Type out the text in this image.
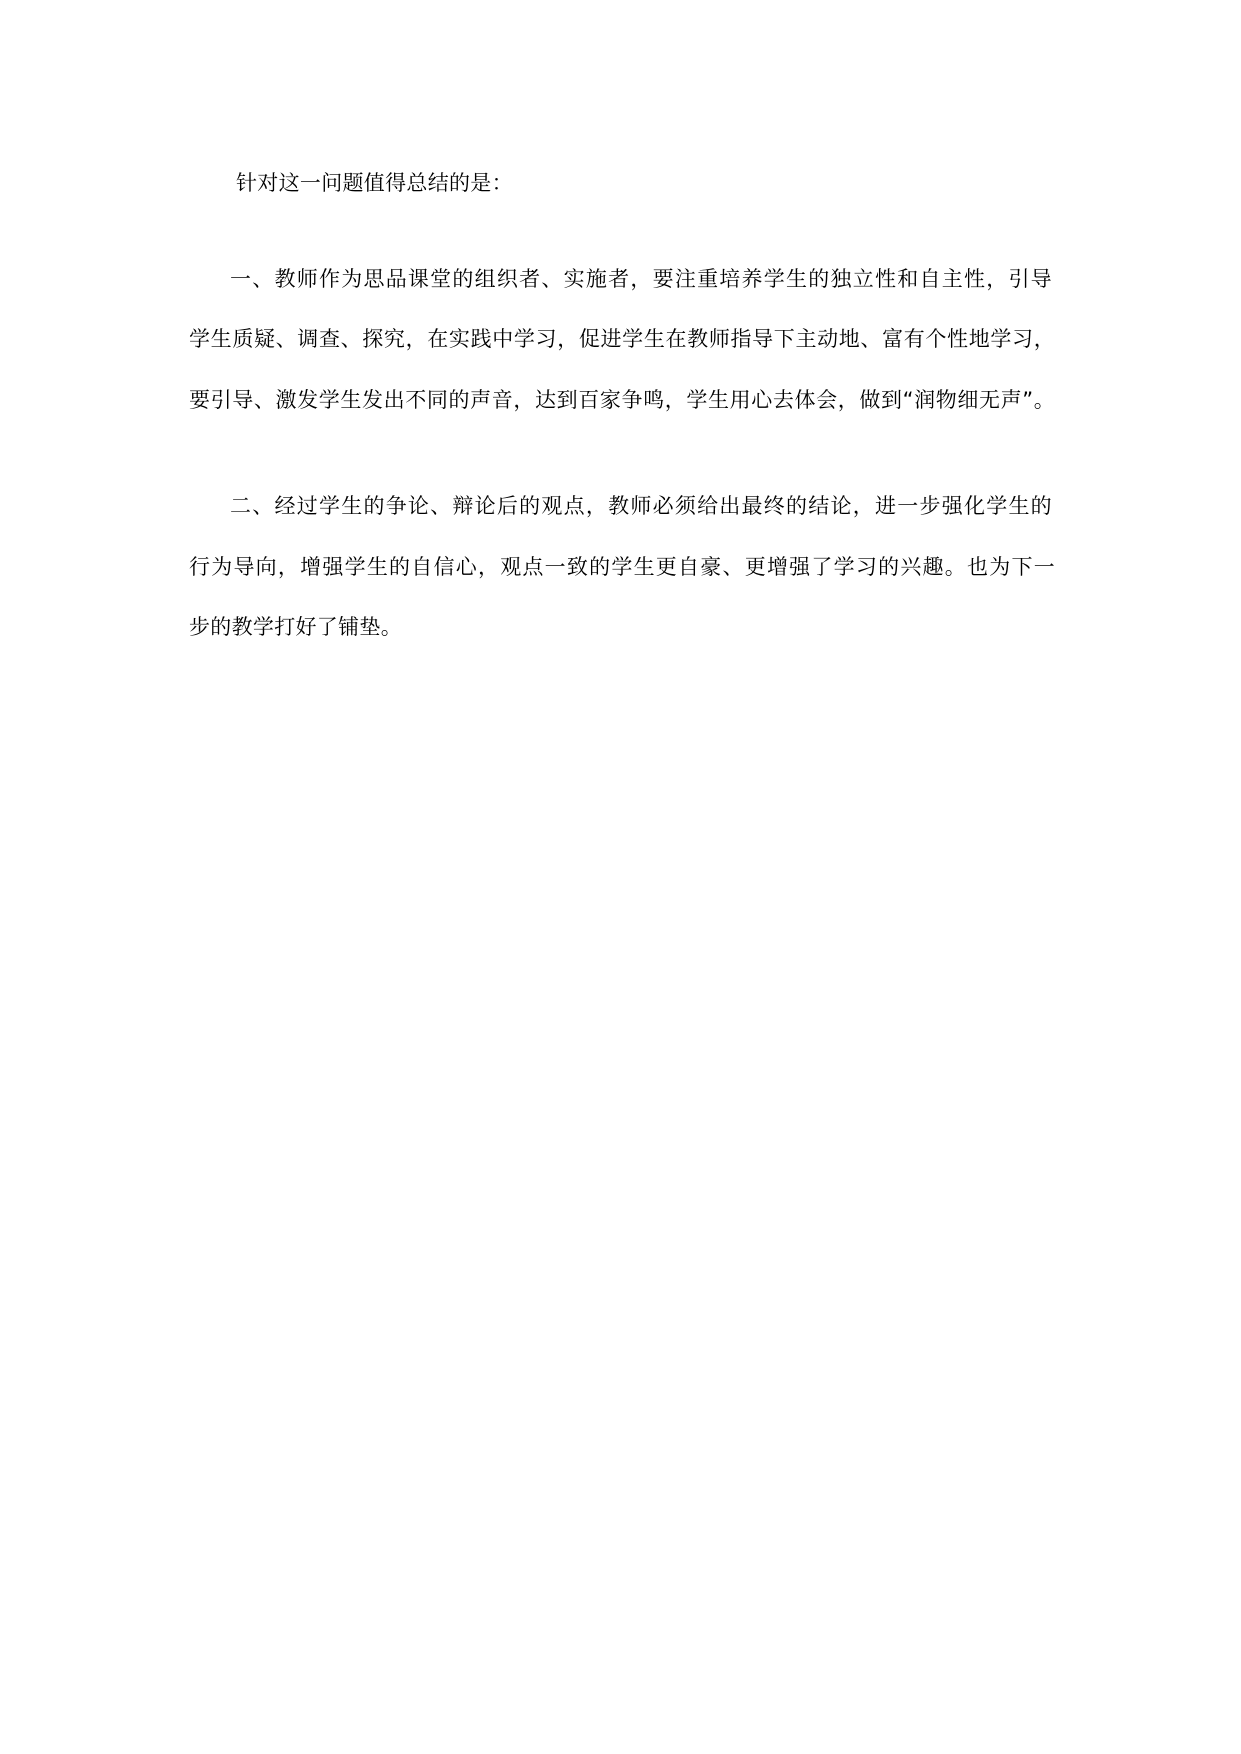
针对这一问题值得总结的是：
一、教师作为思品课堂的组织者、实施者，要注重培养学生的独立性和自主性，引导
学生质疑、调查、探究，在实践中学习，促进学生在教师指导下主动地、富有个性地学习，
要引导、激发学生发出不同的声音，达到百家争鸣，学生用心去体会，做到“润物细无声”。
二、经过学生的争论、辩论后的观点，教师必须给出最终的结论，进一步强化学生的
行为导向，增强学生的自信心，观点一致的学生更自豪、更增强了学习的兴趣。也为下一
步的教学打好了铺垫。
